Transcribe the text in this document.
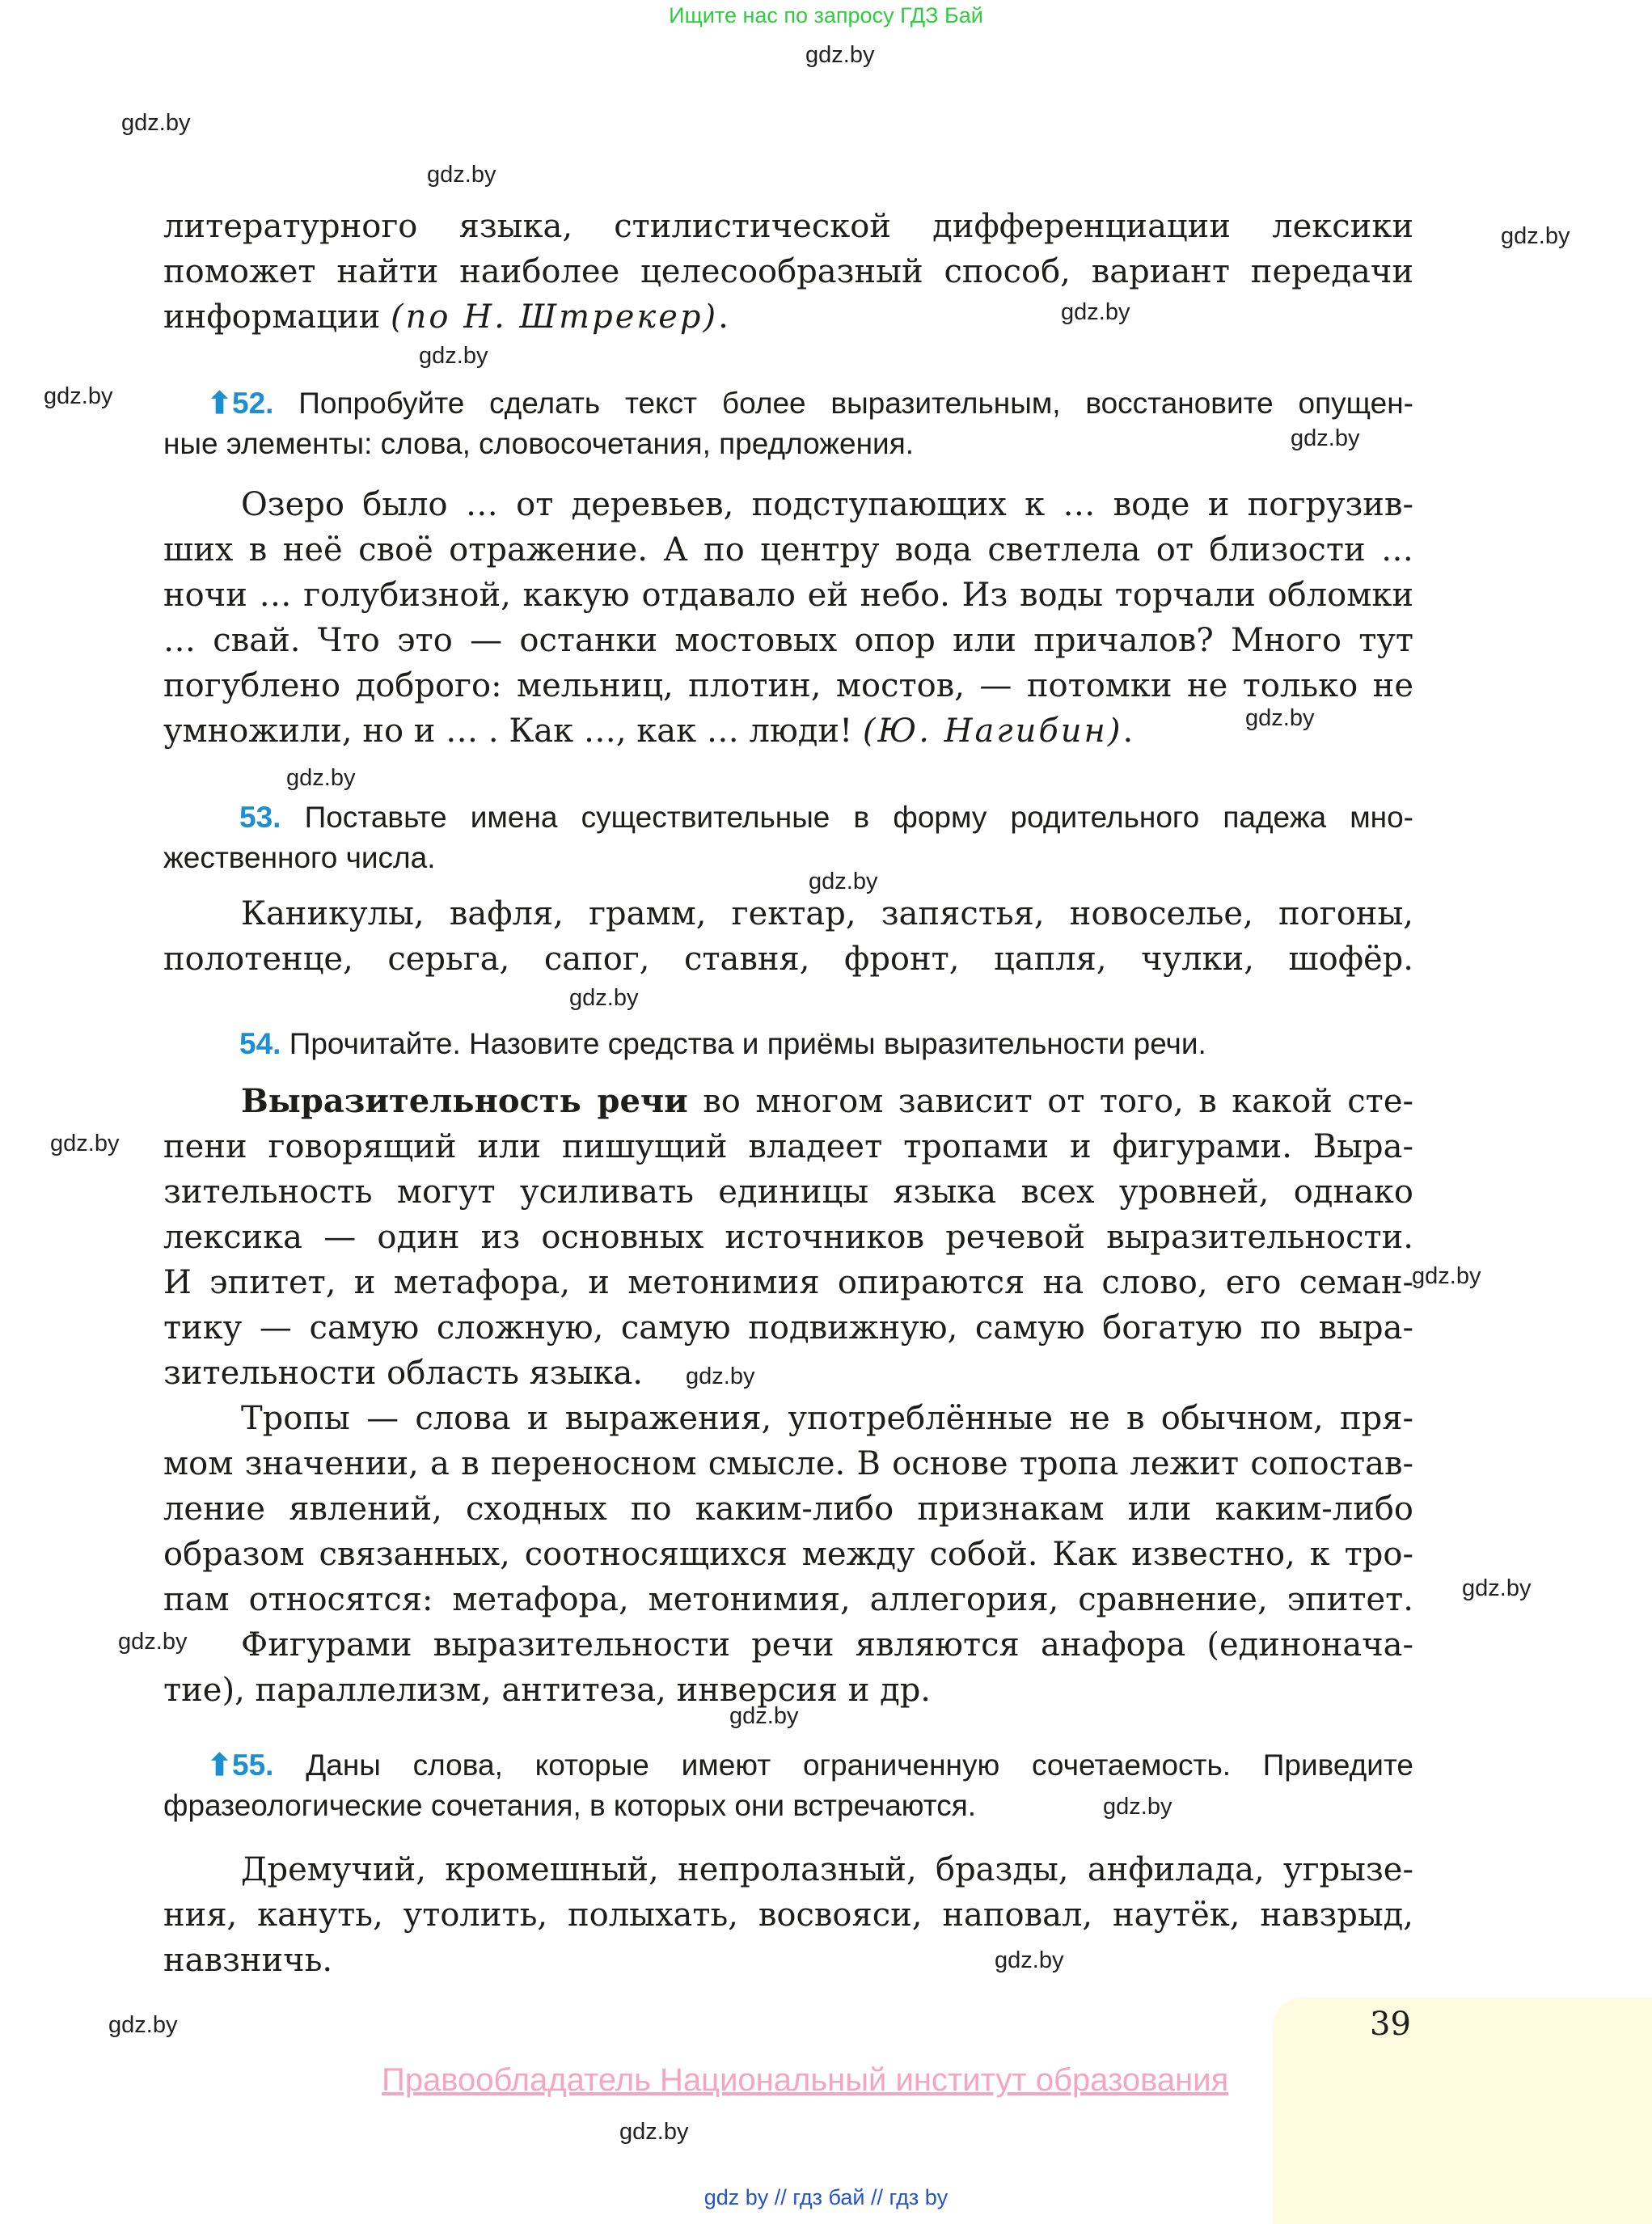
Ищите нас по запросу ГДЗ Бай
gdz.by
gdz.by
gdz.by
gdz.by
gdz.by
gdz.by
gdz.by
gdz.by
gdz.by
gdz.by
gdz.by
gdz.by
gdz.by
gdz.by
gdz.by
gdz.by
gdz.by
gdz.by
gdz.by
gdz.by
gdz.by
gdz.by
литературного языка, стилистической дифференциации лексики
поможет найти наиболее целесообразный способ, вариант передачи
информации (по Н. Штрекер).
⬆52. Попробуйте сделать текст более выразительным, восстановите опущен-
ные элементы: слова, словосочетания, предложения.
Озеро было … от деревьев, подступающих к … воде и погрузив-
ших в неё своё отражение. А по центру вода светлела от близости …
ночи … голубизной, какую отдавало ей небо. Из воды торчали обломки
… свай. Что это — останки мостовых опор или причалов? Много тут
погублено доброго: мельниц, плотин, мостов, — потомки не только не
умножили, но и … . Как …, как … люди! (Ю. Нагибин).
53. Поставьте имена существительные в форму родительного падежа мно-
жественного числа.
Каникулы, вафля, грамм, гектар, запястья, новоселье, погоны,
полотенце, серьга, сапог, ставня, фронт, цапля, чулки, шофёр.
54. Прочитайте. Назовите средства и приёмы выразительности речи.
Выразительность речи во многом зависит от того, в какой сте-
пени говорящий или пишущий владеет тропами и фигурами. Выра-
зительность могут усиливать единицы языка всех уровней, однако
лексика — один из основных источников речевой выразительности.
И эпитет, и метафора, и метонимия опираются на слово, его семан-
тику — самую сложную, самую подвижную, самую богатую по выра-
зительности область языка.
Тропы — слова и выражения, употреблённые не в обычном, пря-
мом значении, а в переносном смысле. В основе тропа лежит сопостав-
ление явлений, сходных по каким-либо признакам или каким-либо
образом связанных, соотносящихся между собой. Как известно, к тро-
пам относятся: метафора, метонимия, аллегория, сравнение, эпитет.
Фигурами выразительности речи являются анафора (единонача-
тие), параллелизм, антитеза, инверсия и др.
⬆55. Даны слова, которые имеют ограниченную сочетаемость. Приведите
фразеологические сочетания, в которых они встречаются.
Дремучий, кромешный, непролазный, бразды, анфилада, угрызе-
ния, кануть, утолить, полыхать, восвояси, наповал, наутёк, навзрыд,
навзничь.
39
Правообладатель Национальный институт образования
gdz by // гдз бай // гдз by
